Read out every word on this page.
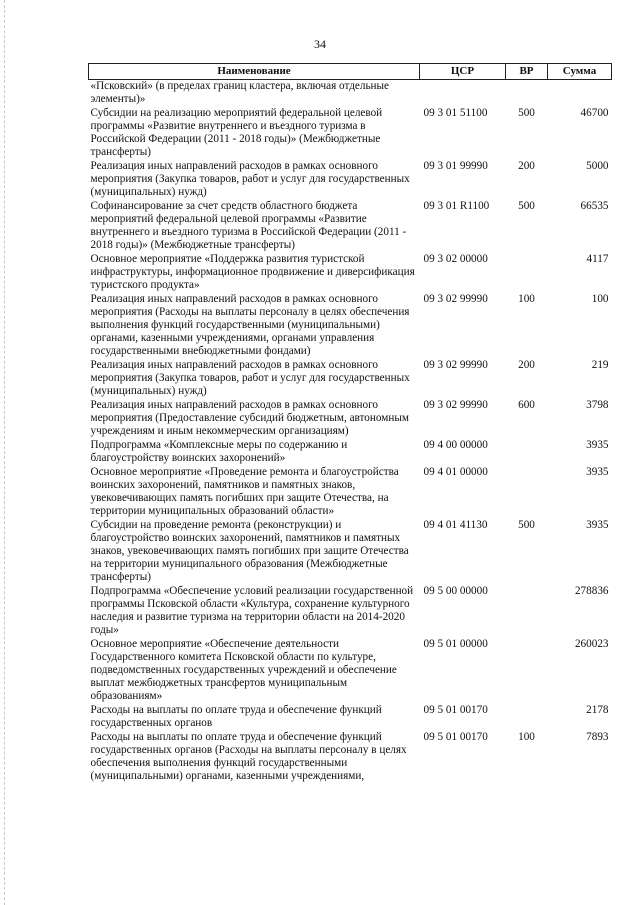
34
Наименование	ЦСР	ВР	Сумма
«Псковский» (в пределах границ кластера, включая отдельные элементы)»			
Субсидии на реализацию мероприятий федеральной целевой программы «Развитие внутреннего и въездного туризма в Российской Федерации (2011 - 2018 годы)» (Межбюджетные трансферты)	09 3 01 51100	500	46700
Реализация иных направлений расходов в рамках основного мероприятия (Закупка товаров, работ и услуг для государственных (муниципальных) нужд)	09 3 01 99990	200	5000
Софинансирование за счет средств областного бюджета мероприятий федеральной целевой программы «Развитие внутреннего и въездного туризма в Российской Федерации (2011 - 2018 годы)» (Межбюджетные трансферты)	09 3 01 R1100	500	66535
Основное мероприятие «Поддержка развития туристской инфраструктуры, информационное продвижение и диверсификация туристского продукта»	09 3 02 00000		4117
Реализация иных направлений расходов в рамках основного мероприятия (Расходы на выплаты персоналу в целях обеспечения выполнения функций государственными (муниципальными) органами, казенными учреждениями, органами управления государственными внебюджетными фондами)	09 3 02 99990	100	100
Реализация иных направлений расходов в рамках основного мероприятия (Закупка товаров, работ и услуг для государственных (муниципальных) нужд)	09 3 02 99990	200	219
Реализация иных направлений расходов в рамках основного мероприятия (Предоставление субсидий бюджетным, автономным учреждениям и иным некоммерческим организациям)	09 3 02 99990	600	3798
Подпрограмма «Комплексные меры по содержанию и благоустройству воинских захоронений»	09 4 00 00000		3935
Основное мероприятие «Проведение ремонта и благоустройства воинских захоронений, памятников и памятных знаков, увековечивающих память погибших при защите Отечества, на территории муниципальных образований области»	09 4 01 00000		3935
Субсидии на проведение ремонта (реконструкции) и благоустройство воинских захоронений, памятников и памятных знаков, увековечивающих память погибших при защите Отечества на территории муниципального образования (Межбюджетные трансферты)	09 4 01 41130	500	3935
Подпрограмма «Обеспечение условий реализации государственной программы Псковской области «Культура, сохранение культурного наследия и развитие туризма на территории области на 2014-2020 годы»	09 5 00 00000		278836
Основное мероприятие «Обеспечение деятельности Государственного комитета Псковской области по культуре, подведомственных государственных учреждений и обеспечение выплат межбюджетных трансфертов муниципальным образованиям»	09 5 01 00000		260023
Расходы на выплаты по оплате труда и обеспечение функций государственных органов	09 5 01 00170		2178
Расходы на выплаты по оплате труда и обеспечение функций государственных органов (Расходы на выплаты персоналу в целях обеспечения выполнения функций государственными (муниципальными) органами, казенными учреждениями,	09 5 01 00170	100	7893
